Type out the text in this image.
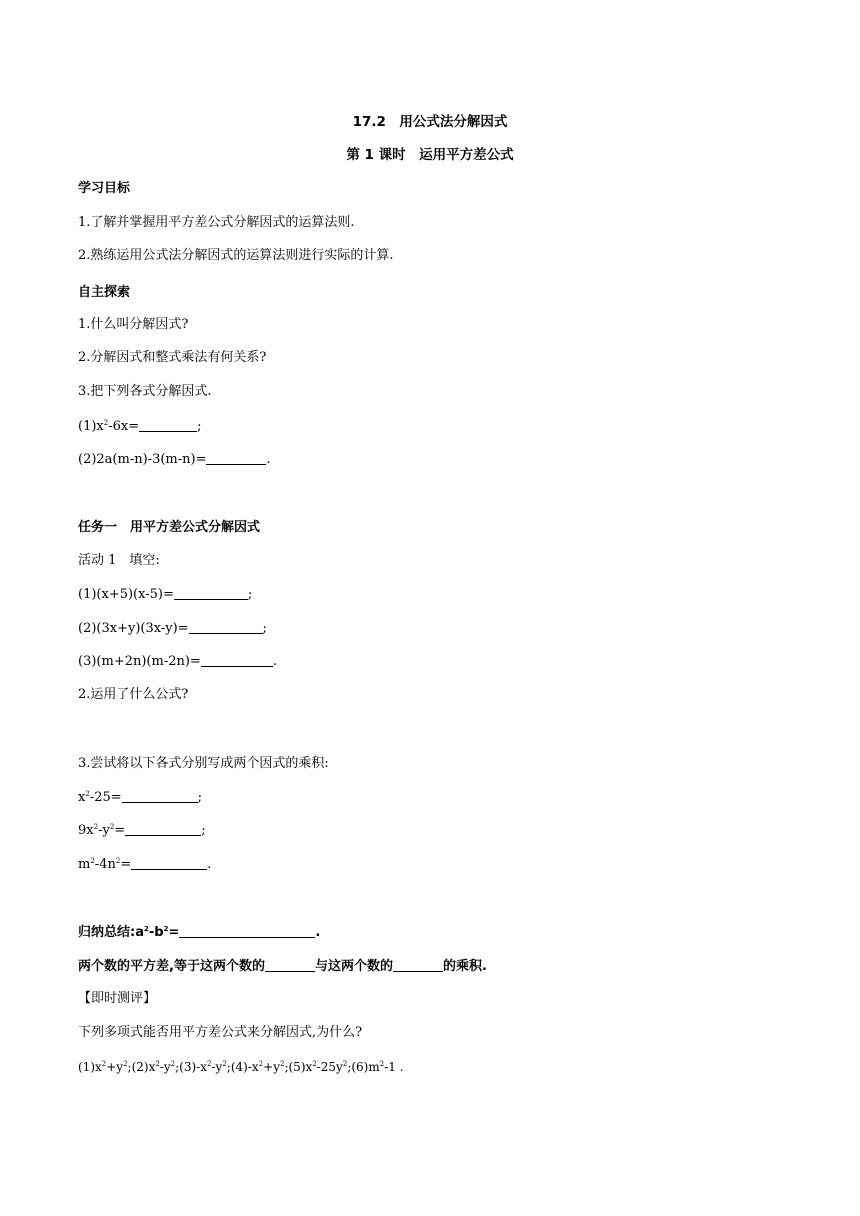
17.2　用公式法分解因式
第 1 课时　运用平方差公式
学习目标
1.了解并掌握用平方差公式分解因式的运算法则.
2.熟练运用公式法分解因式的运算法则进行实际的计算.
自主探索
1.什么叫分解因式?
2.分解因式和整式乘法有何关系?
3.把下列各式分解因式.
$(1)x^2-6x=$	;
(2)2a(m-n)-3(m-n)=	.
任务一　用平方差公式分解因式
活动 1　填空:
(1)(x+5)(x-5)=	;
(2)(3x+y)(3x-y)=	;
(3)(m+2n)(m-2n)=	.
2.运用了什么公式?
3.尝试将以下各式分别写成两个因式的乘积:
$x^2-25=$	;
$9x^2-y^2=$	;
$m^2-4n^2=$	.
归纳总结$:a^2-b^2=$	.
两个数的平方差,等于这两个数的	与这两个数的	的乘积.
【即时测评】
下列多项式能否用平方差公式来分解因式,为什么?
$(1)x^2+y^2;(2)x^2-y^2;(3)-x^2-y^2;(4)-x^2+y^2;(5)x^2-25y^2;(6)m^2-1$ .
